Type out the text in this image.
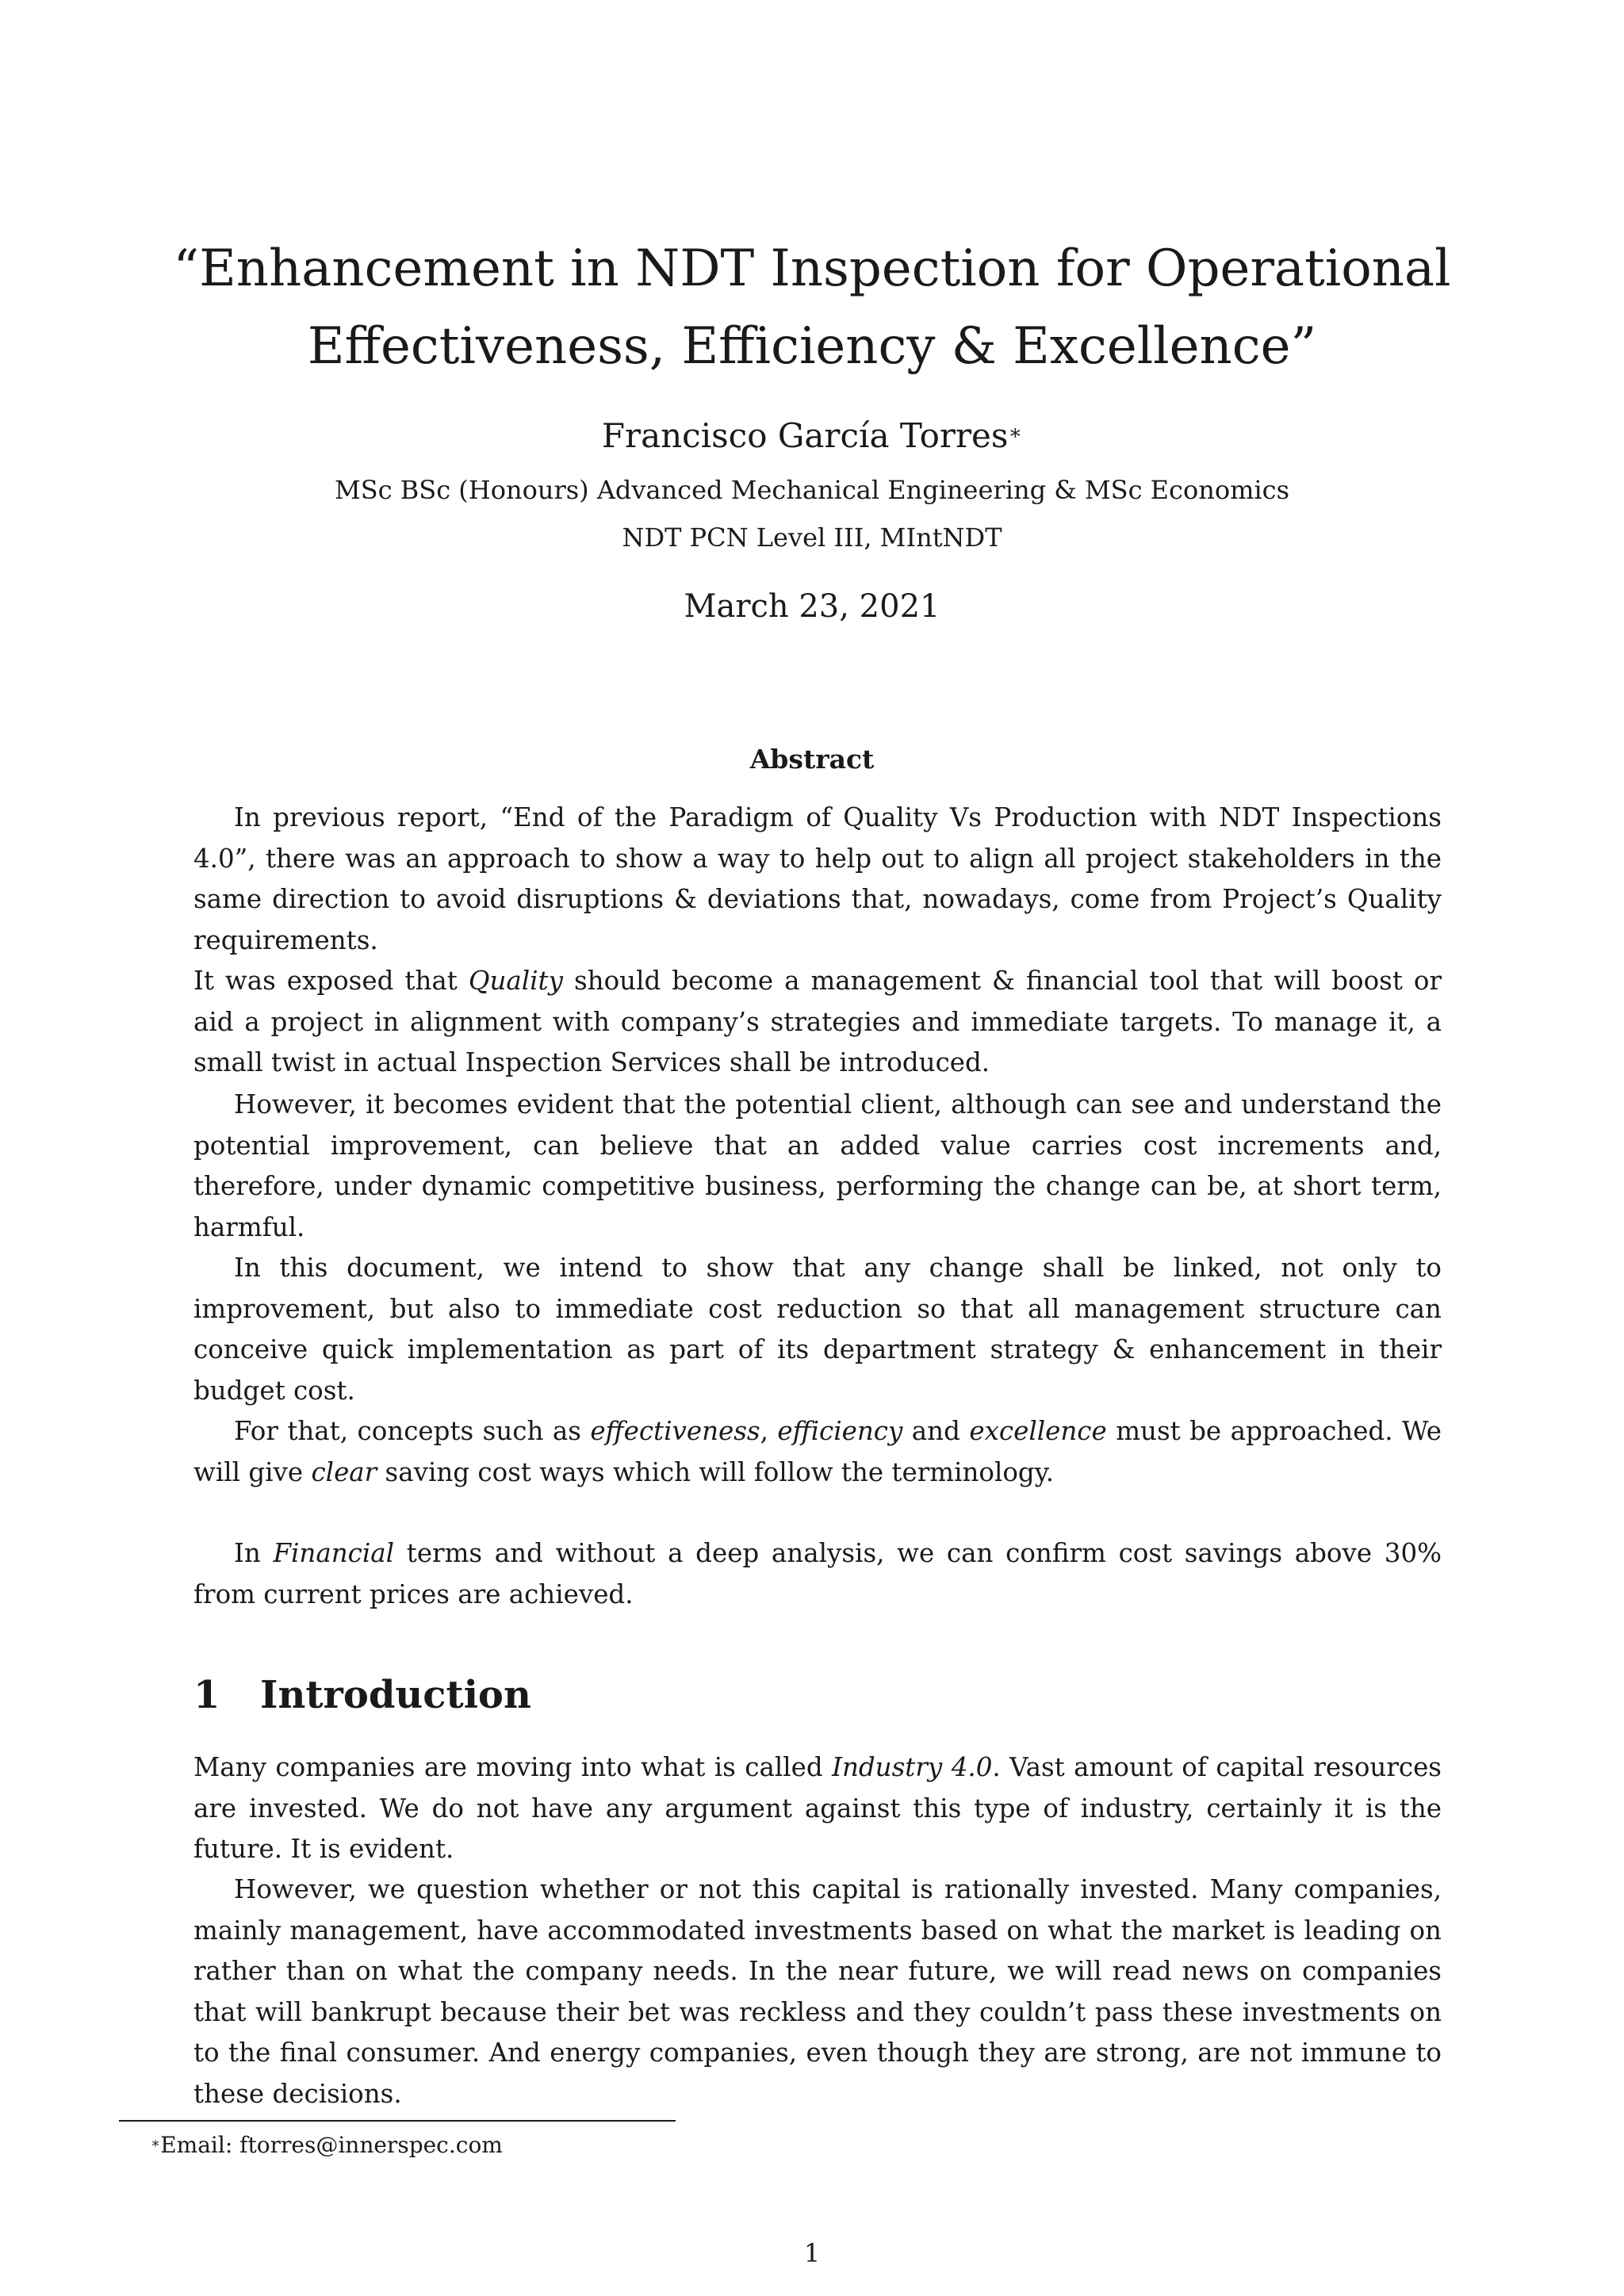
“Enhancement in NDT Inspection for Operational
Effectiveness, Efficiency & Excellence”
Francisco García Torres∗
MSc BSc (Honours) Advanced Mechanical Engineering & MSc Economics
NDT PCN Level III, MIntNDT
March 23, 2021
Abstract

In previous report, “End of the Paradigm of Quality Vs Production with NDT Inspections 4.0”, there was an approach to show a way to help out to align all project stakeholders in the same direction to avoid disruptions & deviations that, nowadays, come from Project’s Quality requirements.

It was exposed that Quality should become a management & financial tool that will boost or aid a project in alignment with company’s strategies and immediate targets. To manage it, a small twist in actual Inspection Services shall be introduced.

However, it becomes evident that the potential client, although can see and understand the potential improvement, can believe that an added value carries cost increments and, therefore, under dynamic competitive business, performing the change can be, at short term, harmful.

In this document, we intend to show that any change shall be linked, not only to improvement, but also to immediate cost reduction so that all management structure can conceive quick implementation as part of its department strategy & enhancement in their budget cost.

For that, concepts such as effectiveness, efficiency and excellence must be approached. We will give clear saving cost ways which will follow the terminology.

In Financial terms and without a deep analysis, we can confirm cost savings above 30% from current prices are achieved.

1 Introduction

Many companies are moving into what is called Industry 4.0. Vast amount of capital resources are invested. We do not have any argument against this type of industry, certainly it is the future. It is evident.

However, we question whether or not this capital is rationally invested. Many companies, mainly management, have accommodated investments based on what the market is leading on rather than on what the company needs. In the near future, we will read news on companies that will bankrupt because their bet was reckless and they couldn’t pass these investments on to the final consumer. And energy companies, even though they are strong, are not immune to these decisions.

∗Email: ftorres@innerspec.com
1
